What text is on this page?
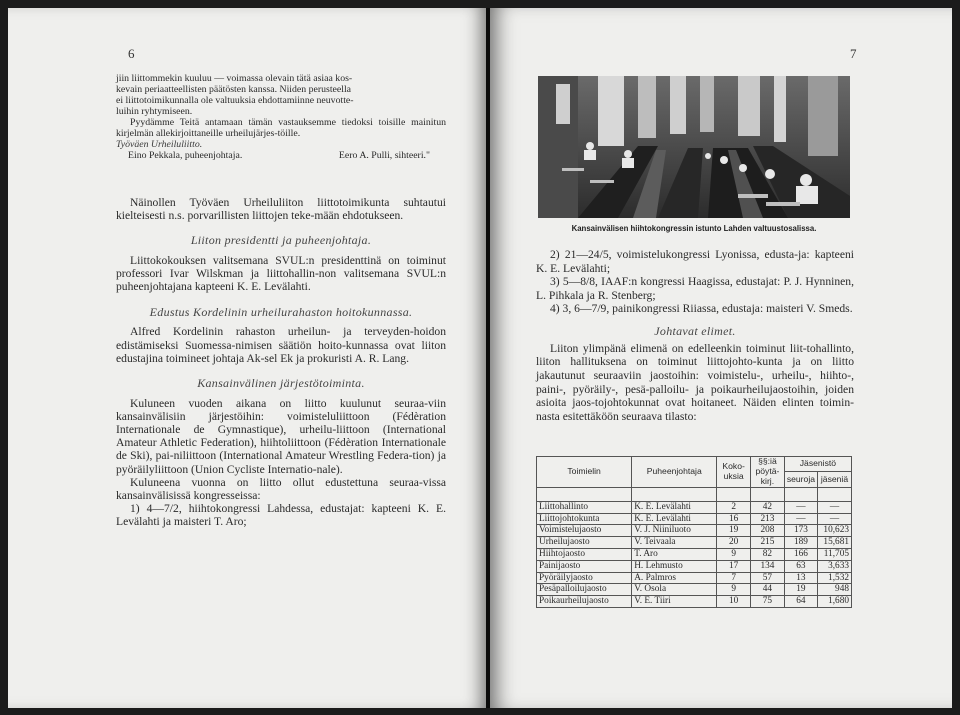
6

jiin liittommekin kuuluu — voimassa olevain tätä asiaa kos-

kevain periaatteellisten päätösten kanssa. Niiden perusteella

ei liittotoimikunnalla ole valtuuksia ehdottamiinne neuvotte-

luihin ryhtymiseen.

Pyydämme Teitä antamaan tämän vastauksemme tiedoksi toisille mainitun kirjelmän allekirjoittaneille urheilujärjes-töille.

Työväen Urheiluliitto.

Eino Pekkala, puheenjohtaja.	Eero A. Pulli, sihteeri."

Näinollen Työväen Urheiluliiton liittotoimikunta suhtautui kielteisesti n.s. porvarillisten liittojen teke-mään ehdotukseen.

Liiton presidentti ja puheenjohtaja.

Liittokokouksen valitsemana SVUL:n presidenttinä on toiminut professori Ivar Wilskman ja liittohallin-non valitsemana SVUL:n puheenjohtajana kapteeni K. E. Levälahti.

Edustus Kordelinin urheilurahaston hoitokunnassa.

Alfred Kordelinin rahaston urheilun- ja terveyden-hoidon edistämiseksi Suomessa-nimisen säätiön hoito-kunnassa ovat liiton edustajina toimineet johtaja Ak-sel Ek ja prokuristi A. R. Lang.

Kansainvälinen järjestötoiminta.

Kuluneen vuoden aikana on liitto kuulunut seuraa-viin kansainvälisiin järjestöihin: voimisteluliittoon (Fédèration Internationale de Gymnastique), urheilu-liittoon (International Amateur Athletic Federation), hiihtoliittoon (Fédèration Internationale de Ski), pai-niliittoon (International Amateur Wrestling Federa-tion) ja pyöräilyliittoon (Union Cycliste Internatio-nale).

Kuluneena vuonna on liitto ollut edustettuna seuraa-vissa kansainvälisissä kongresseissa:

1) 4—7/2, hiihtokongressi Lahdessa, edustajat: kapteeni K. E. Levälahti ja maisteri T. Aro;

7
Kansainvälisen hiihtokongressin istunto Lahden valtuustosalissa.

2) 21—24/5, voimistelukongressi Lyonissa, edusta-ja: kapteeni K. E. Levälahti;

3) 5—8/8, IAAF:n kongressi Haagissa, edustajat: P. J. Hynninen, L. Pihkala ja R. Stenberg;

4) 3, 6—7/9, painikongressi Riiassa, edustaja: maisteri V. Smeds.

Johtavat elimet.

Liiton ylimpänä elimenä on edelleenkin toiminut liit-tohallinto, liiton hallituksena on toiminut liittojohto-kunta ja on liitto jakautunut seuraaviin jaostoihin: voimistelu-, urheilu-, hiihto-, paini-, pyöräily-, pesä-palloilu- ja poikaurheilujaostoihin, joiden asioita jaos-tojohtokunnat ovat hoitaneet. Näiden elinten toimin-nasta esitettäköön seuraava tilasto:

Toimielin	Puheenjohtaja	Koko-uksia	§§:iä pöytä-kirj.	Jäsenistö	
				seuroja	jäseniä

Liittohallinto	K. E. Levälahti	2	42	—	—
Liittojohtokunta	K. E. Levälahti	16	213	—	—
Voimistelujaosto	V. J. Niiniluoto	19	208	173	10,623
Urheilujaosto	V. Teivaala	20	215	189	15,681
Hiihtojaosto	T. Aro	9	82	166	11,705
Painijaosto	H. Lehmusto	17	134	63	3,633
Pyöräilyjaosto	A. Palmros	7	57	13	1,532
Pesäpalloilujaosto	V. Osola	9	44	19	948
Poikaurheilujaosto	V. E. Tiiri	10	75	64	1,680
